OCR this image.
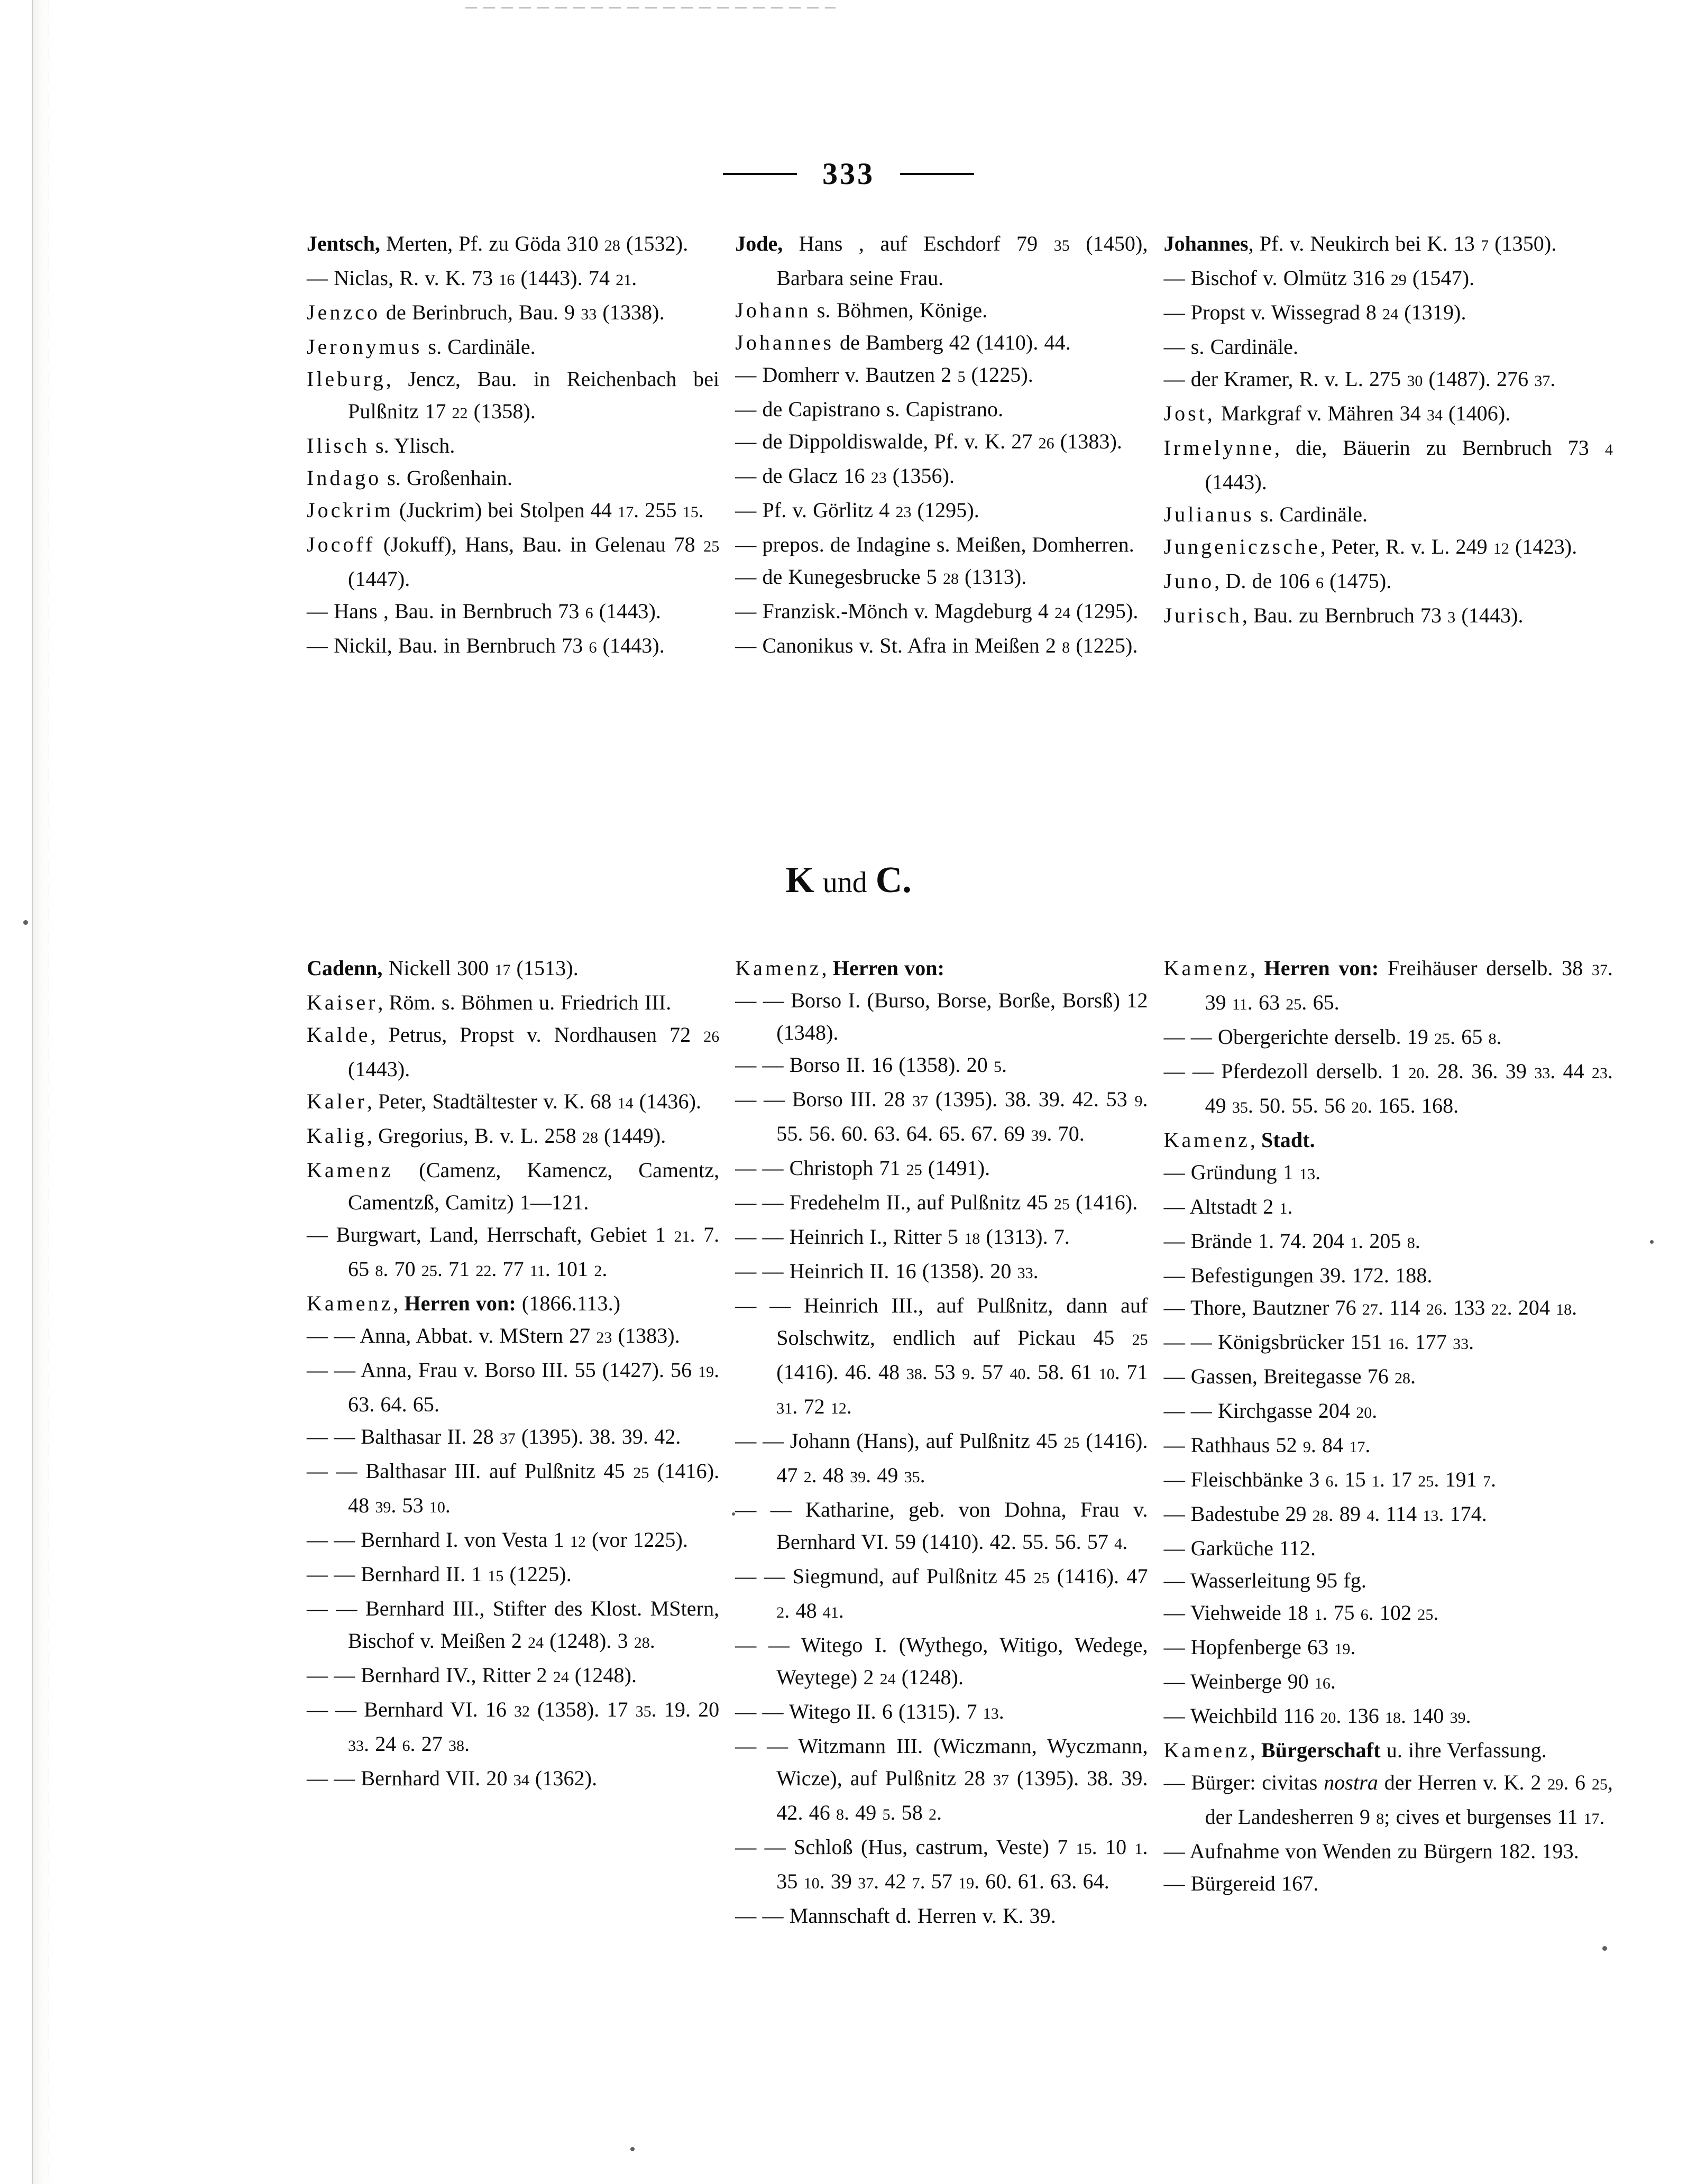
333

Jentsch, Merten, Pf. zu Göda 310 28 (1532).

— Niclas, R. v. K. 73 16 (1443). 74 21.

Jenzco de Berinbruch, Bau. 9 33 (1338).

Jeronymus s. Cardinäle.

Ileburg, Jencz, Bau. in Reichenbach bei Pulßnitz 17 22 (1358).

Ilisch s. Ylisch.

Indago s. Großenhain.

Jockrim (Juckrim) bei Stolpen 44 17. 255 15.

Jocoff (Jokuff), Hans, Bau. in Gelenau 78 25 (1447).

— Hans , Bau. in Bernbruch 73 6 (1443).

— Nickil, Bau. in Bernbruch 73 6 (1443).

Jode, Hans , auf Eschdorf 79 35 (1450), Barbara seine Frau.

Johann s. Böhmen, Könige.

Johannes de Bamberg 42 (1410). 44.

— Domherr v. Bautzen 2 5 (1225).

— de Capistrano s. Capistrano.

— de Dippoldiswalde, Pf. v. K. 27 26 (1383).

— de Glacz 16 23 (1356).

— Pf. v. Görlitz 4 23 (1295).

— prepos. de Indagine s. Meißen, Domherren.

— de Kunegesbrucke 5 28 (1313).

— Franzisk.-Mönch v. Magdeburg 4 24 (1295).

— Canonikus v. St. Afra in Meißen 2 8 (1225).

Johannes, Pf. v. Neukirch bei K. 13 7 (1350).

— Bischof v. Olmütz 316 29 (1547).

— Propst v. Wissegrad 8 24 (1319).

— s. Cardinäle.

— der Kramer, R. v. L. 275 30 (1487). 276 37.

Jost, Markgraf v. Mähren 34 34 (1406).

Irmelynne, die, Bäuerin zu Bernbruch 73 4 (1443).

Julianus s. Cardinäle.

Jungeniczsche, Peter, R. v. L. 249 12 (1423).

Juno, D. de 106 6 (1475).

Jurisch, Bau. zu Bernbruch 73 3 (1443).

K und C.

Cadenn, Nickell 300 17 (1513).

Kaiser, Röm. s. Böhmen u. Friedrich III.

Kalde, Petrus, Propst v. Nordhausen 72 26 (1443).

Kaler, Peter, Stadtältester v. K. 68 14 (1436).

Kalig, Gregorius, B. v. L. 258 28 (1449).

Kamenz (Camenz, Kamencz, Camentz, Camentzß, Camitz) 1—121.

— Burgwart, Land, Herrschaft, Gebiet 1 21. 7. 65 8. 70 25. 71 22. 77 11. 101 2.

Kamenz, Herren von: (1866.113.)

— — Anna, Abbat. v. MStern 27 23 (1383).

— — Anna, Frau v. Borso III. 55 (1427). 56 19. 63. 64. 65.

— — Balthasar II. 28 37 (1395). 38. 39. 42.

— — Balthasar III. auf Pulßnitz 45 25 (1416). 48 39. 53 10.

— — Bernhard I. von Vesta 1 12 (vor 1225).

— — Bernhard II. 1 15 (1225).

— — Bernhard III., Stifter des Klost. MStern, Bischof v. Meißen 2 24 (1248). 3 28.

— — Bernhard IV., Ritter 2 24 (1248).

— — Bernhard VI. 16 32 (1358). 17 35. 19. 20 33. 24 6. 27 38.

— — Bernhard VII. 20 34 (1362).

Kamenz, Herren von:

— — Borso I. (Burso, Borse, Borße, Borsß) 12 (1348).

— — Borso II. 16 (1358). 20 5.

— — Borso III. 28 37 (1395). 38. 39. 42. 53 9. 55. 56. 60. 63. 64. 65. 67. 69 39. 70.

— — Christoph 71 25 (1491).

— — Fredehelm II., auf Pulßnitz 45 25 (1416).

— — Heinrich I., Ritter 5 18 (1313). 7.

— — Heinrich II. 16 (1358). 20 33.

— — Heinrich III., auf Pulßnitz, dann auf Solschwitz, endlich auf Pickau 45 25 (1416). 46. 48 38. 53 9. 57 40. 58. 61 10. 71 31. 72 12.

— — Johann (Hans), auf Pulßnitz 45 25 (1416). 47 2. 48 39. 49 35.

— — Katharine, geb. von Dohna, Frau v. Bernhard VI. 59 (1410). 42. 55. 56. 57 4.

— — Siegmund, auf Pulßnitz 45 25 (1416). 47 2. 48 41.

— — Witego I. (Wythego, Witigo, Wedege, Weytege) 2 24 (1248).

— — Witego II. 6 (1315). 7 13.

— — Witzmann III. (Wiczmann, Wyczmann, Wicze), auf Pulßnitz 28 37 (1395). 38. 39. 42. 46 8. 49 5. 58 2.

— — Schloß (Hus, castrum, Veste) 7 15. 10 1. 35 10. 39 37. 42 7. 57 19. 60. 61. 63. 64.

— — Mannschaft d. Herren v. K. 39.

Kamenz, Herren von: Freihäuser derselb. 38 37. 39 11. 63 25. 65.

— — Obergerichte derselb. 19 25. 65 8.

— — Pferdezoll derselb. 1 20. 28. 36. 39 33. 44 23. 49 35. 50. 55. 56 20. 165. 168.

Kamenz, Stadt.

— Gründung 1 13.

— Altstadt 2 1.

— Brände 1. 74. 204 1. 205 8.

— Befestigungen 39. 172. 188.

— Thore, Bautzner 76 27. 114 26. 133 22. 204 18.

— — Königsbrücker 151 16. 177 33.

— Gassen, Breitegasse 76 28.

— — Kirchgasse 204 20.

— Rathhaus 52 9. 84 17.

— Fleischbänke 3 6. 15 1. 17 25. 191 7.

— Badestube 29 28. 89 4. 114 13. 174.

— Garküche 112.

— Wasserleitung 95 fg.

— Viehweide 18 1. 75 6. 102 25.

— Hopfenberge 63 19.

— Weinberge 90 16.

— Weichbild 116 20. 136 18. 140 39.

Kamenz, Bürgerschaft u. ihre Verfassung.

— Bürger: civitas nostra der Herren v. K. 2 29. 6 25, der Landesherren 9 8; cives et burgenses 11 17.

— Aufnahme von Wenden zu Bürgern 182. 193.

— Bürgereid 167.
